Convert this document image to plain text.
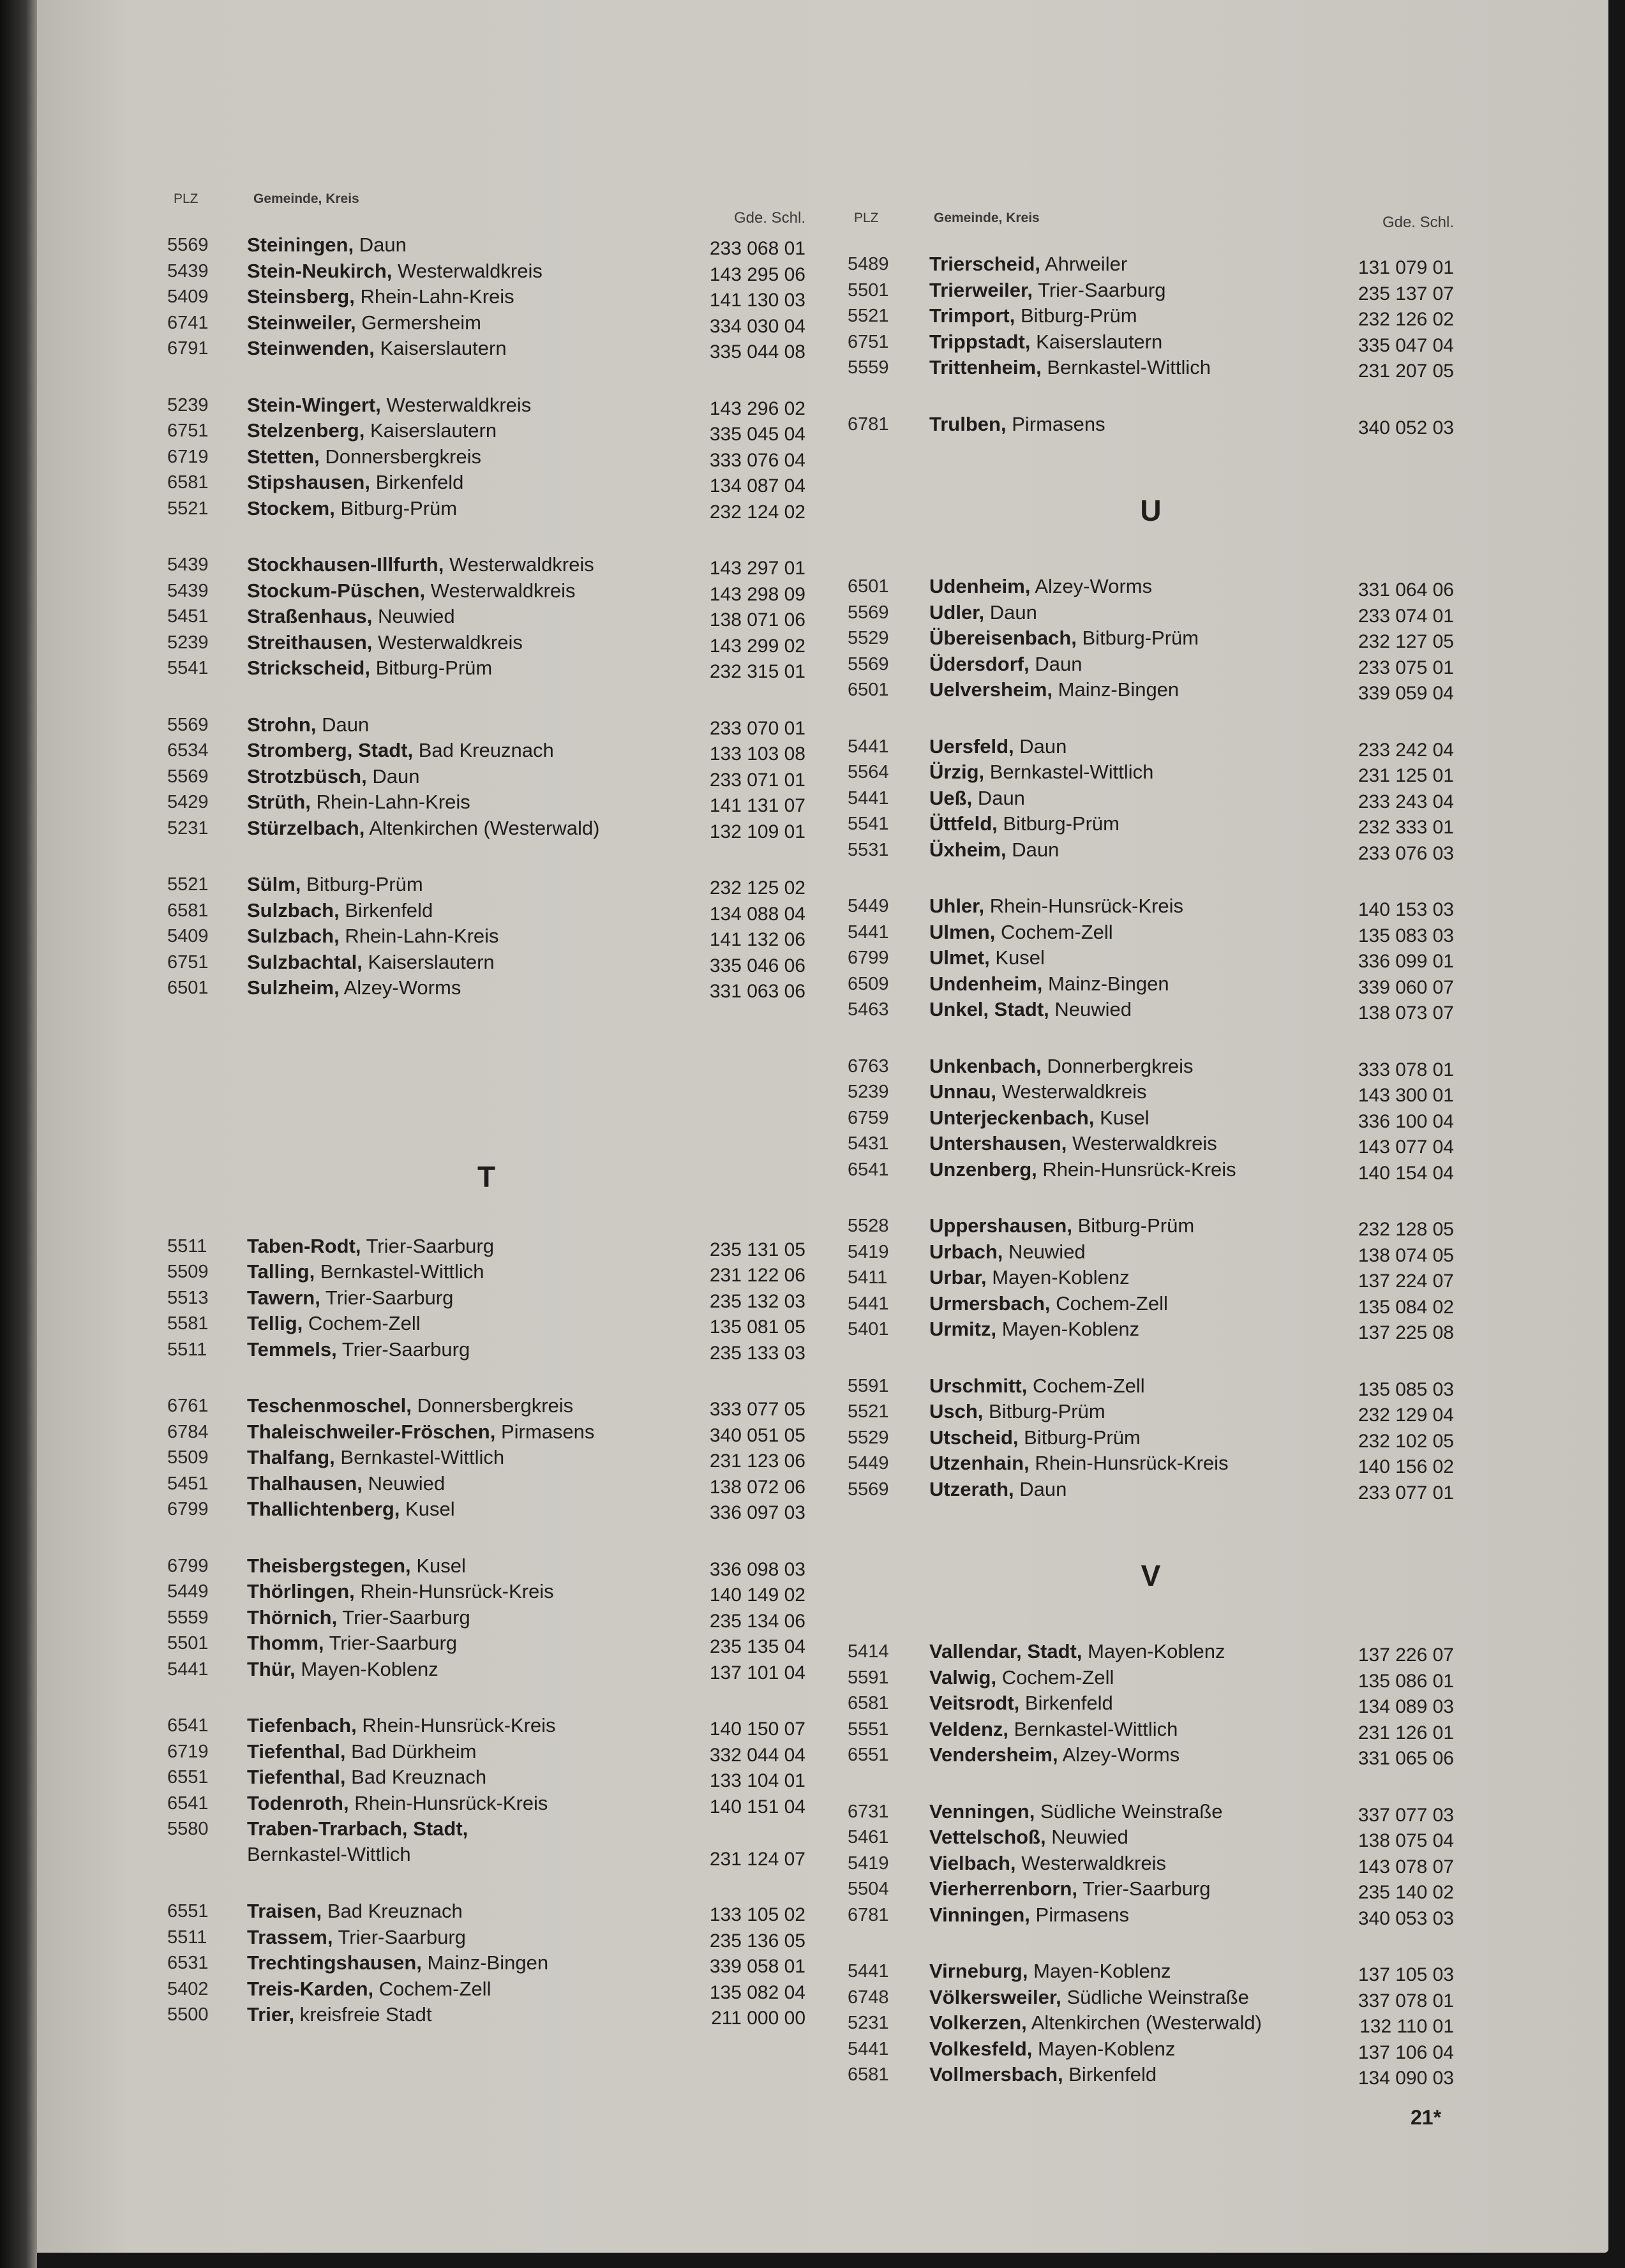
PLZ	Gemeinde, Kreis
Gde. Schl.
5569	Steiningen, Daun	233 068 01
5439	Stein-Neukirch, Westerwaldkreis	143 295 06
5409	Steinsberg, Rhein-Lahn-Kreis	141 130 03
6741	Steinweiler, Germersheim	334 030 04
6791	Steinwenden, Kaiserslautern	335 044 08
5239	Stein-Wingert, Westerwaldkreis	143 296 02
6751	Stelzenberg, Kaiserslautern	335 045 04
6719	Stetten, Donnersbergkreis	333 076 04
6581	Stipshausen, Birkenfeld	134 087 04
5521	Stockem, Bitburg-Prüm	232 124 02
5439	Stockhausen-Illfurth, Westerwaldkreis	143 297 01
5439	Stockum-Püschen, Westerwaldkreis	143 298 09
5451	Straßenhaus, Neuwied	138 071 06
5239	Streithausen, Westerwaldkreis	143 299 02
5541	Strickscheid, Bitburg-Prüm	232 315 01
5569	Strohn, Daun	233 070 01
6534	Stromberg, Stadt, Bad Kreuznach	133 103 08
5569	Strotzbüsch, Daun	233 071 01
5429	Strüth, Rhein-Lahn-Kreis	141 131 07
5231	Stürzelbach, Altenkirchen (Westerwald)	132 109 01
5521	Sülm, Bitburg-Prüm	232 125 02
6581	Sulzbach, Birkenfeld	134 088 04
5409	Sulzbach, Rhein-Lahn-Kreis	141 132 06
6751	Sulzbachtal, Kaiserslautern	335 046 06
6501	Sulzheim, Alzey-Worms	331 063 06
T
5511	Taben-Rodt, Trier-Saarburg	235 131 05
5509	Talling, Bernkastel-Wittlich	231 122 06
5513	Tawern, Trier-Saarburg	235 132 03
5581	Tellig, Cochem-Zell	135 081 05
5511	Temmels, Trier-Saarburg	235 133 03
6761	Teschenmoschel, Donnersbergkreis	333 077 05
6784	Thaleischweiler-Fröschen, Pirmasens	340 051 05
5509	Thalfang, Bernkastel-Wittlich	231 123 06
5451	Thalhausen, Neuwied	138 072 06
6799	Thallichtenberg, Kusel	336 097 03
6799	Theisbergstegen, Kusel	336 098 03
5449	Thörlingen, Rhein-Hunsrück-Kreis	140 149 02
5559	Thörnich, Trier-Saarburg	235 134 06
5501	Thomm, Trier-Saarburg	235 135 04
5441	Thür, Mayen-Koblenz	137 101 04
6541	Tiefenbach, Rhein-Hunsrück-Kreis	140 150 07
6719	Tiefenthal, Bad Dürkheim	332 044 04
6551	Tiefenthal, Bad Kreuznach	133 104 01
6541	Todenroth, Rhein-Hunsrück-Kreis	140 151 04
5580	Traben-Trarbach, Stadt,
Bernkastel-Wittlich	231 124 07
6551	Traisen, Bad Kreuznach	133 105 02
5511	Trassem, Trier-Saarburg	235 136 05
6531	Trechtingshausen, Mainz-Bingen	339 058 01
5402	Treis-Karden, Cochem-Zell	135 082 04
5500	Trier, kreisfreie Stadt	211 000 00
PLZ	Gemeinde, Kreis	Gde. Schl.
5489	Trierscheid, Ahrweiler	131 079 01
5501	Trierweiler, Trier-Saarburg	235 137 07
5521	Trimport, Bitburg-Prüm	232 126 02
6751	Trippstadt, Kaiserslautern	335 047 04
5559	Trittenheim, Bernkastel-Wittlich	231 207 05
6781	Trulben, Pirmasens	340 052 03
U
6501	Udenheim, Alzey-Worms	331 064 06
5569	Udler, Daun	233 074 01
5529	Übereisenbach, Bitburg-Prüm	232 127 05
5569	Üdersdorf, Daun	233 075 01
6501	Uelversheim, Mainz-Bingen	339 059 04
5441	Uersfeld, Daun	233 242 04
5564	Ürzig, Bernkastel-Wittlich	231 125 01
5441	Ueß, Daun	233 243 04
5541	Üttfeld, Bitburg-Prüm	232 333 01
5531	Üxheim, Daun	233 076 03
5449	Uhler, Rhein-Hunsrück-Kreis	140 153 03
5441	Ulmen, Cochem-Zell	135 083 03
6799	Ulmet, Kusel	336 099 01
6509	Undenheim, Mainz-Bingen	339 060 07
5463	Unkel, Stadt, Neuwied	138 073 07
6763	Unkenbach, Donnerbergkreis	333 078 01
5239	Unnau, Westerwaldkreis	143 300 01
6759	Unterjeckenbach, Kusel	336 100 04
5431	Untershausen, Westerwaldkreis	143 077 04
6541	Unzenberg, Rhein-Hunsrück-Kreis	140 154 04
5528	Uppershausen, Bitburg-Prüm	232 128 05
5419	Urbach, Neuwied	138 074 05
5411	Urbar, Mayen-Koblenz	137 224 07
5441	Urmersbach, Cochem-Zell	135 084 02
5401	Urmitz, Mayen-Koblenz	137 225 08
5591	Urschmitt, Cochem-Zell	135 085 03
5521	Usch, Bitburg-Prüm	232 129 04
5529	Utscheid, Bitburg-Prüm	232 102 05
5449	Utzenhain, Rhein-Hunsrück-Kreis	140 156 02
5569	Utzerath, Daun	233 077 01
V
5414	Vallendar, Stadt, Mayen-Koblenz	137 226 07
5591	Valwig, Cochem-Zell	135 086 01
6581	Veitsrodt, Birkenfeld	134 089 03
5551	Veldenz, Bernkastel-Wittlich	231 126 01
6551	Vendersheim, Alzey-Worms	331 065 06
6731	Venningen, Südliche Weinstraße	337 077 03
5461	Vettelschoß, Neuwied	138 075 04
5419	Vielbach, Westerwaldkreis	143 078 07
5504	Vierherrenborn, Trier-Saarburg	235 140 02
6781	Vinningen, Pirmasens	340 053 03
5441	Virneburg, Mayen-Koblenz	137 105 03
6748	Völkersweiler, Südliche Weinstraße	337 078 01
5231	Volkerzen, Altenkirchen (Westerwald)	132 110 01
5441	Volkesfeld, Mayen-Koblenz	137 106 04
6581	Vollmersbach, Birkenfeld	134 090 03
21*
